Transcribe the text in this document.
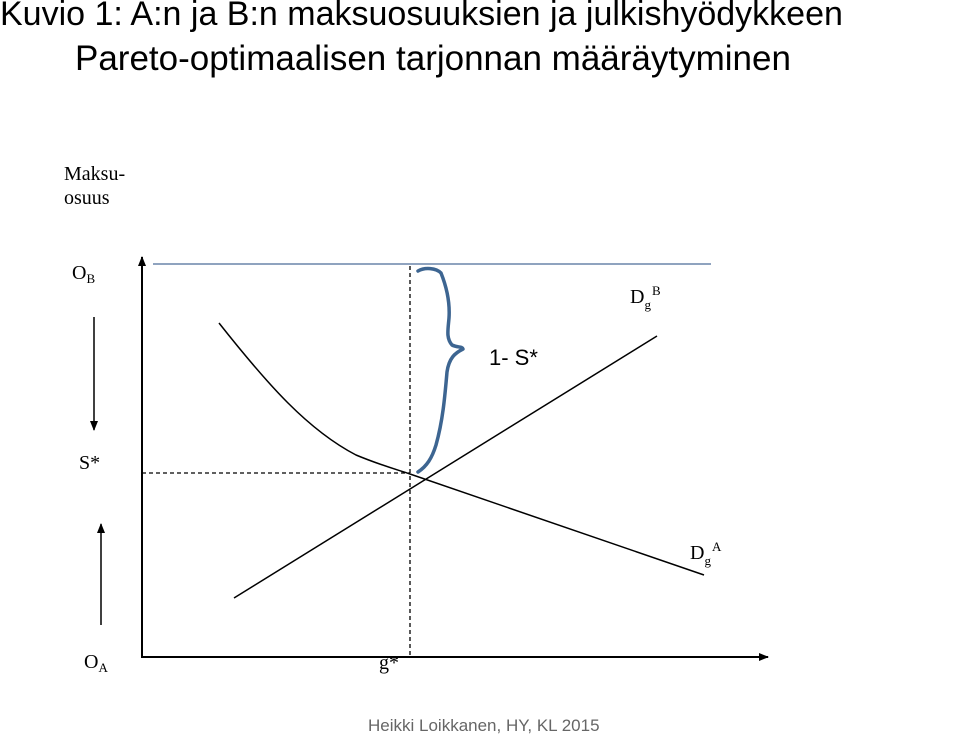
Kuvio 1: A:n ja B:n maksuosuuksien ja julkishyödykkeen
Pareto-optimaalisen tarjonnan määräytyminen
Maksu-
osuus
$O_B$
S*
$O_A$	g*
1- S*
$D_g^B$
$D_g^A$
Heikki Loikkanen, HY, KL 2015
